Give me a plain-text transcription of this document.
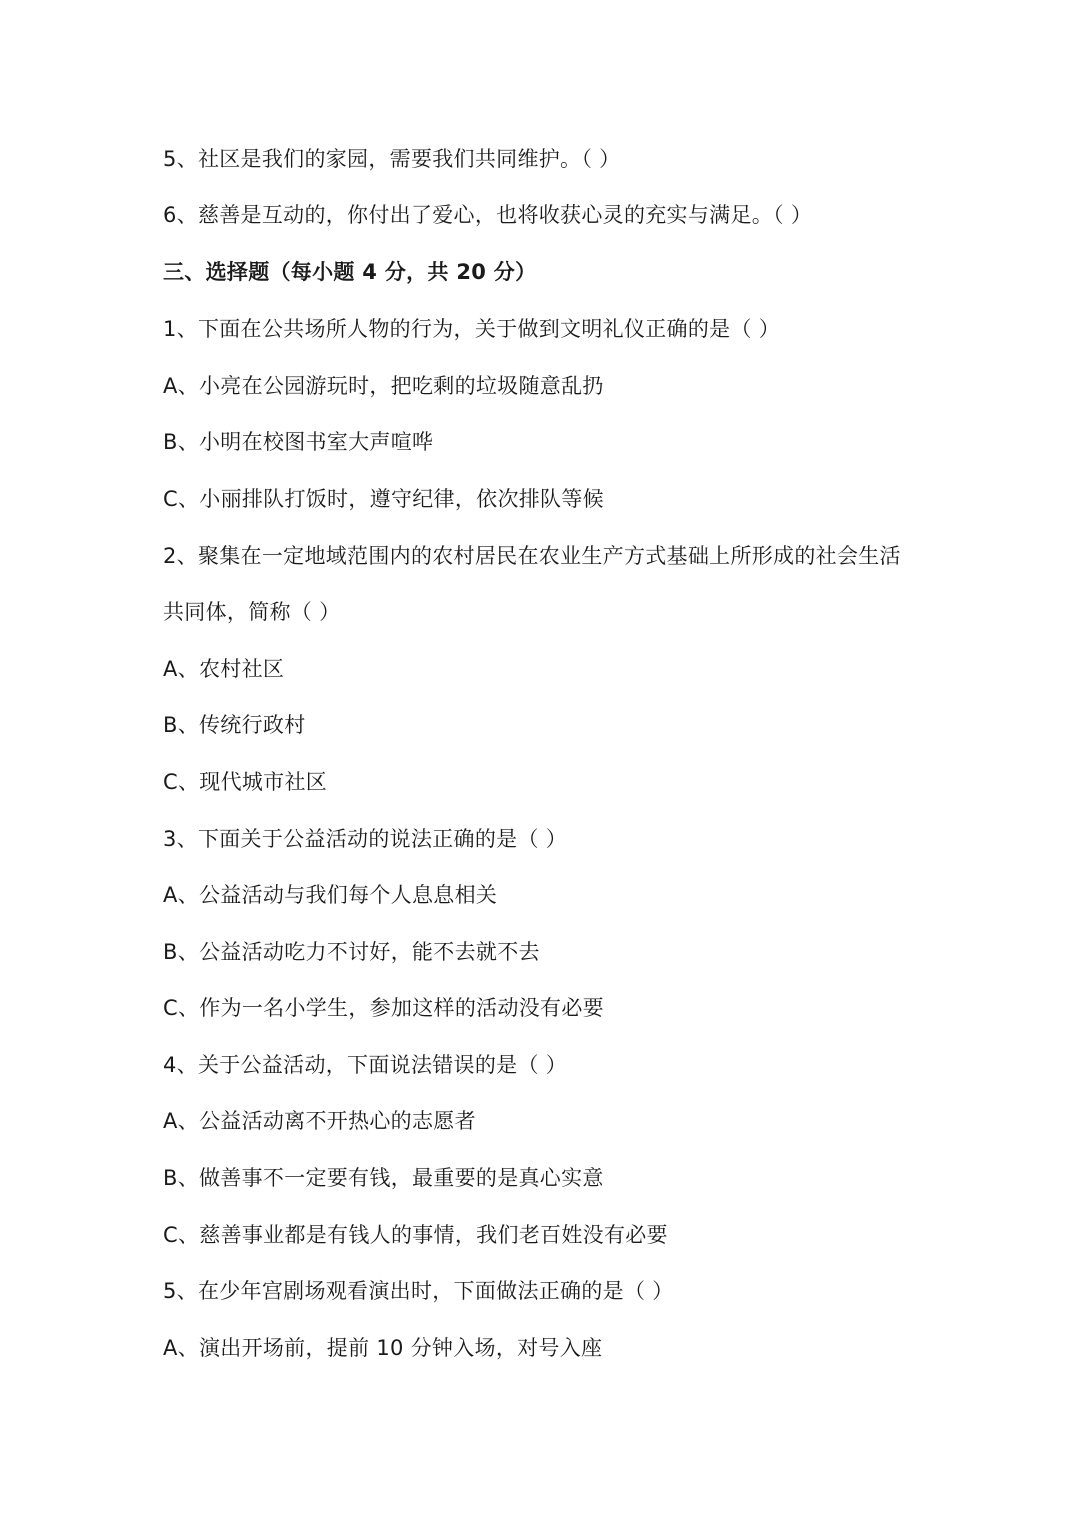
5、社区是我们的家园，需要我们共同维护。（ ）
6、慈善是互动的，你付出了爱心，也将收获心灵的充实与满足。（ ）
三、选择题（每小题 4 分，共 20 分）
1、下面在公共场所人物的行为，关于做到文明礼仪正确的是（ ）
A、小亮在公园游玩时，把吃剩的垃圾随意乱扔
B、小明在校图书室大声喧哗
C、小丽排队打饭时，遵守纪律，依次排队等候
2、聚集在一定地域范围内的农村居民在农业生产方式基础上所形成的社会生活
共同体，简称（ ）
A、农村社区
B、传统行政村
C、现代城市社区
3、下面关于公益活动的说法正确的是（ ）
A、公益活动与我们每个人息息相关
B、公益活动吃力不讨好，能不去就不去
C、作为一名小学生，参加这样的活动没有必要
4、关于公益活动，下面说法错误的是（ ）
A、公益活动离不开热心的志愿者
B、做善事不一定要有钱，最重要的是真心实意
C、慈善事业都是有钱人的事情，我们老百姓没有必要
5、在少年宫剧场观看演出时，下面做法正确的是（ ）
A、演出开场前，提前 10 分钟入场，对号入座
